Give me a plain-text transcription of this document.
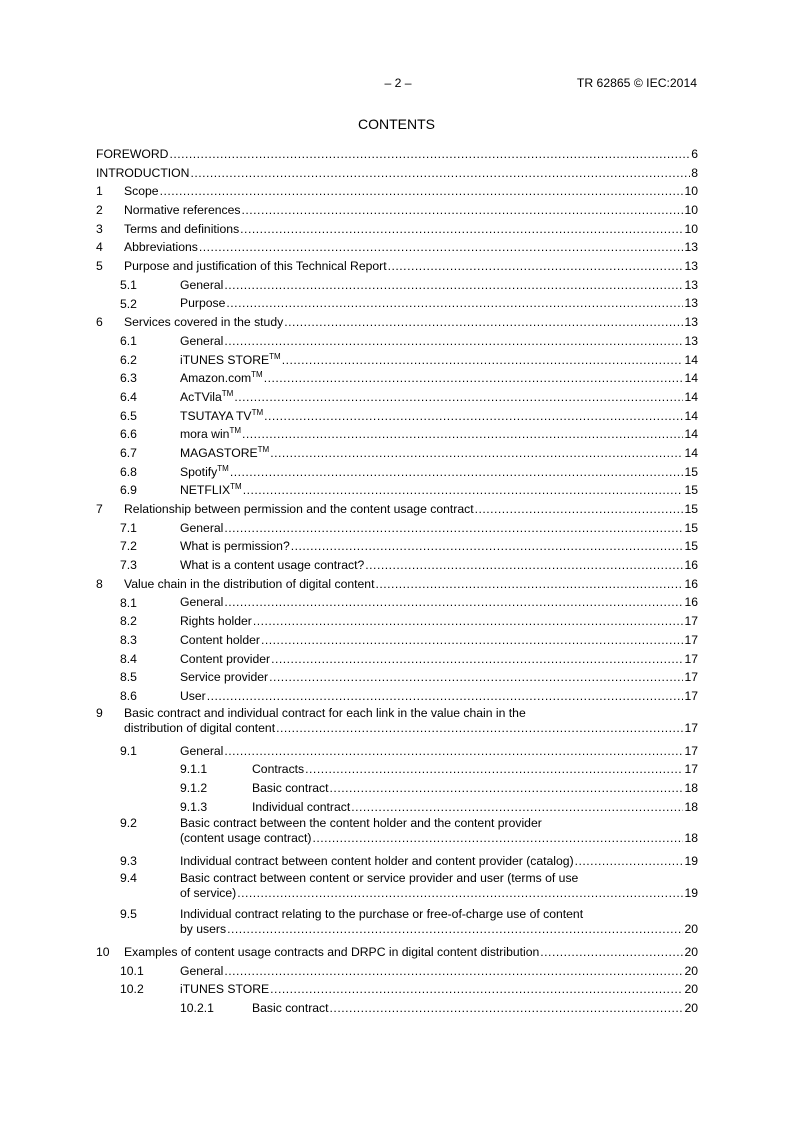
– 2 –	TR 62865 © IEC:2014
CONTENTS
FOREWORD .....	6
INTRODUCTION .....	8
1 Scope .....	10
2 Normative references .....	10
3 Terms and definitions .....	10
4 Abbreviations .....	13
5 Purpose and justification of this Technical Report .....	13
5.1	General .....	13
5.2	Purpose .....	13
6 Services covered in the study .....	13
6.1	General .....	13
6.2	iTUNES STORE™ .....	14
6.3	Amazon.com™ .....	14
6.4	AcTVila™ .....	14
6.5	TSUTAYA TV™ .....	14
6.6	mora win™ .....	14
6.7	MAGASTORE™ .....	14
6.8	Spotify™ .....	15
6.9	NETFLIX™ .....	15
7 Relationship between permission and the content usage contract .....	15
7.1	General .....	15
7.2	What is permission? .....	15
7.3	What is a content usage contract? .....	16
8 Value chain in the distribution of digital content .....	16
8.1	General .....	16
8.2	Rights holder .....	17
8.3	Content holder .....	17
8.4	Content provider .....	17
8.5	Service provider .....	17
8.6	User .....	17
9 Basic contract and individual contract for each link in the value chain in the
distribution of digital content .....	17
9.1	General .....	17
9.1.1	Contracts .....	17
9.1.2	Basic contract .....	18
9.1.3	Individual contract .....	18
9.2	Basic contract between the content holder and the content provider
(content usage contract) .....	18
9.3	Individual contract between content holder and content provider (catalog) .....	19
9.4	Basic contract between content or service provider and user (terms of use
of service) .....	19
9.5	Individual contract relating to the purchase or free-of-charge use of content
by users .....	20
10 Examples of content usage contracts and DRPC in digital content distribution .....	20
10.1	General .....	20
10.2	iTUNES STORE .....	20
10.2.1	Basic contract .....	20
